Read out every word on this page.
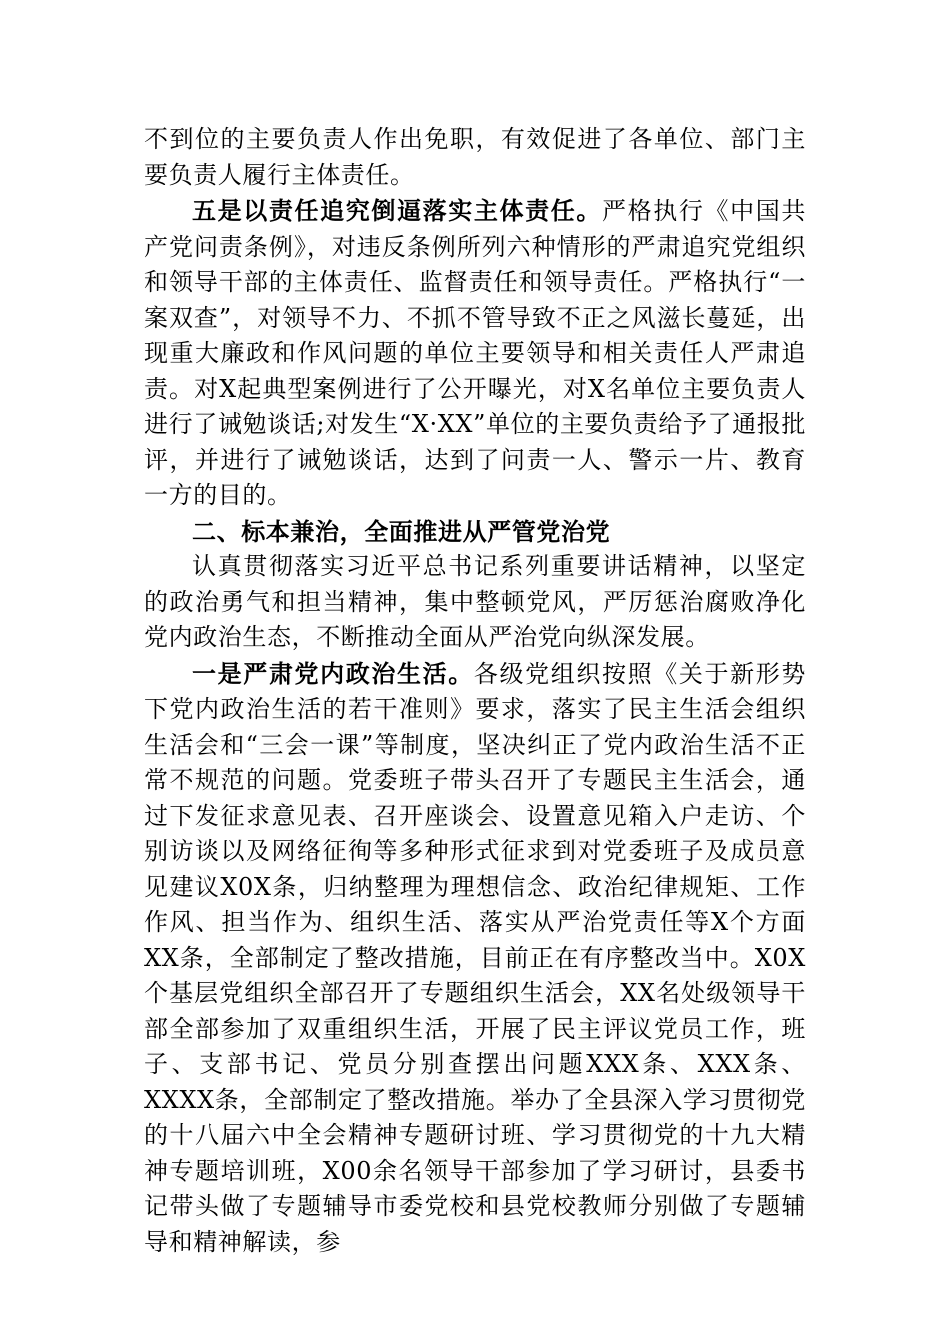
不到位的主要负责人作出免职，有效促进了各单位、部门主要负责人履行主体责任。

五是以责任追究倒逼落实主体责任。严格执行《中国共产党问责条例》，对违反条例所列六种情形的严肃追究党组织和领导干部的主体责任、监督责任和领导责任。严格执行“一案双查”，对领导不力、不抓不管导致不正之风滋长蔓延，出现重大廉政和作风问题的单位主要领导和相关责任人严肃追责。对X起典型案例进行了公开曝光，对X名单位主要负责人进行了诫勉谈话;对发生“X·XX”单位的主要负责给予了通报批评，并进行了诫勉谈话，达到了问责一人、警示一片、教育一方的目的。

二、标本兼治，全面推进从严管党治党

认真贯彻落实习近平总书记系列重要讲话精神，以坚定的政治勇气和担当精神，集中整顿党风，严厉惩治腐败净化党内政治生态，不断推动全面从严治党向纵深发展。

一是严肃党内政治生活。各级党组织按照《关于新形势下党内政治生活的若干准则》要求，落实了民主生活会组织生活会和“三会一课”等制度，坚决纠正了党内政治生活不正常不规范的问题。党委班子带头召开了专题民主生活会，通过下发征求意见表、召开座谈会、设置意见箱入户走访、个别访谈以及网络征徇等多种形式征求到对党委班子及成员意见建议X0X条，归纳整理为理想信念、政治纪律规矩、工作作风、担当作为、组织生活、落实从严治党责任等X个方面XX条，全部制定了整改措施，目前正在有序整改当中。X0X个基层党组织全部召开了专题组织生活会，XX名处级领导干部全部参加了双重组织生活，开展了民主评议党员工作，班子、支部书记、党员分别查摆出问题XXX条、XXX条、XXXX条，全部制定了整改措施。举办了全县深入学习贯彻党的十八届六中全会精神专题研讨班、学习贯彻党的十九大精神专题培训班，X00余名领导干部参加了学习研讨，县委书记带头做了专题辅导市委党校和县党校教师分别做了专题辅导和精神解读，参
